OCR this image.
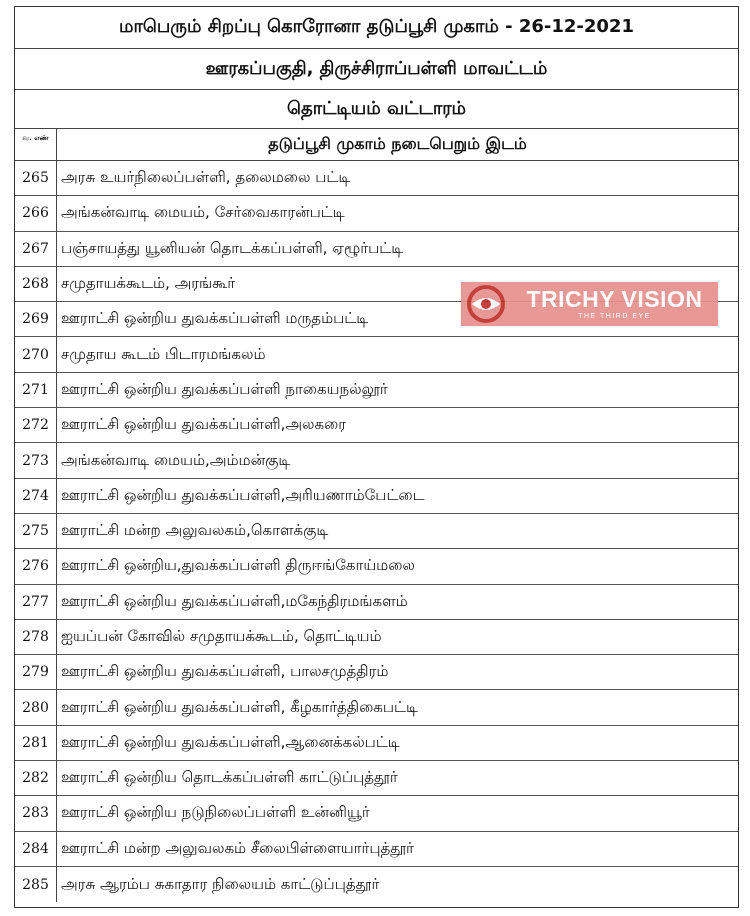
மாபெரும் சிறப்பு கொரோனா தடுப்பூசி முகாம் - 26-12-2021
ஊரகப்பகுதி, திருச்சிராப்பள்ளி மாவட்டம்
தொட்டியம் வட்டாரம்
வ. எண்	தடுப்பூசி முகாம் நடைபெறும் இடம்
265 அரசு உயர்நிலைப்பள்ளி, தலைமலை பட்டி
266 அங்கன்வாடி மையம், சேர்வைகாரன்பட்டி
267 பஞ்சாயத்து யூனியன் தொடக்கப்பள்ளி, ஏழூர்பட்டி
268 சமுதாயக்கூடம், அரங்கூர்
269 ஊராட்சி ஒன்றிய துவக்கப்பள்ளி மருதம்பட்டி
270 சமுதாய கூடம் பிடாரமங்கலம்
271 ஊராட்சி ஒன்றிய துவக்கப்பள்ளி நாகையநல்லூர்
272 ஊராட்சி ஒன்றிய துவக்கப்பள்ளி,அலகரை
273 அங்கன்வாடி மையம்,அம்மன்குடி
274 ஊராட்சி ஒன்றிய துவக்கப்பள்ளி,அரியணாம்பேட்டை
275 ஊராட்சி மன்ற அலுவலகம்,கொளக்குடி
276 ஊராட்சி ஒன்றிய,துவக்கப்பள்ளி திருஈங்கோய்மலை
277 ஊராட்சி ஒன்றிய துவக்கப்பள்ளி,மகேந்திரமங்களம்
278 ஐயப்பன் கோவில் சமுதாயக்கூடம், தொட்டியம்
279 ஊராட்சி ஒன்றிய துவக்கப்பள்ளி, பாலசமுத்திரம்
280 ஊராட்சி ஒன்றிய துவக்கப்பள்ளி, கீழகார்த்திகைபட்டி
281 ஊராட்சி ஒன்றிய துவக்கப்பள்ளி,ஆனைக்கல்பட்டி
282 ஊராட்சி ஒன்றிய தொடக்கப்பள்ளி காட்டுப்புத்தூர்
283 ஊராட்சி ஒன்றிய நடுநிலைப்பள்ளி உன்னியூர்
284 ஊராட்சி மன்ற அலுவலகம் சீலைபிள்ளையார்புத்தூர்
285 அரசு ஆரம்ப சுகாதார நிலையம் காட்டுப்புத்தூர்
TRICHY VISION
THE THIRD EYE
